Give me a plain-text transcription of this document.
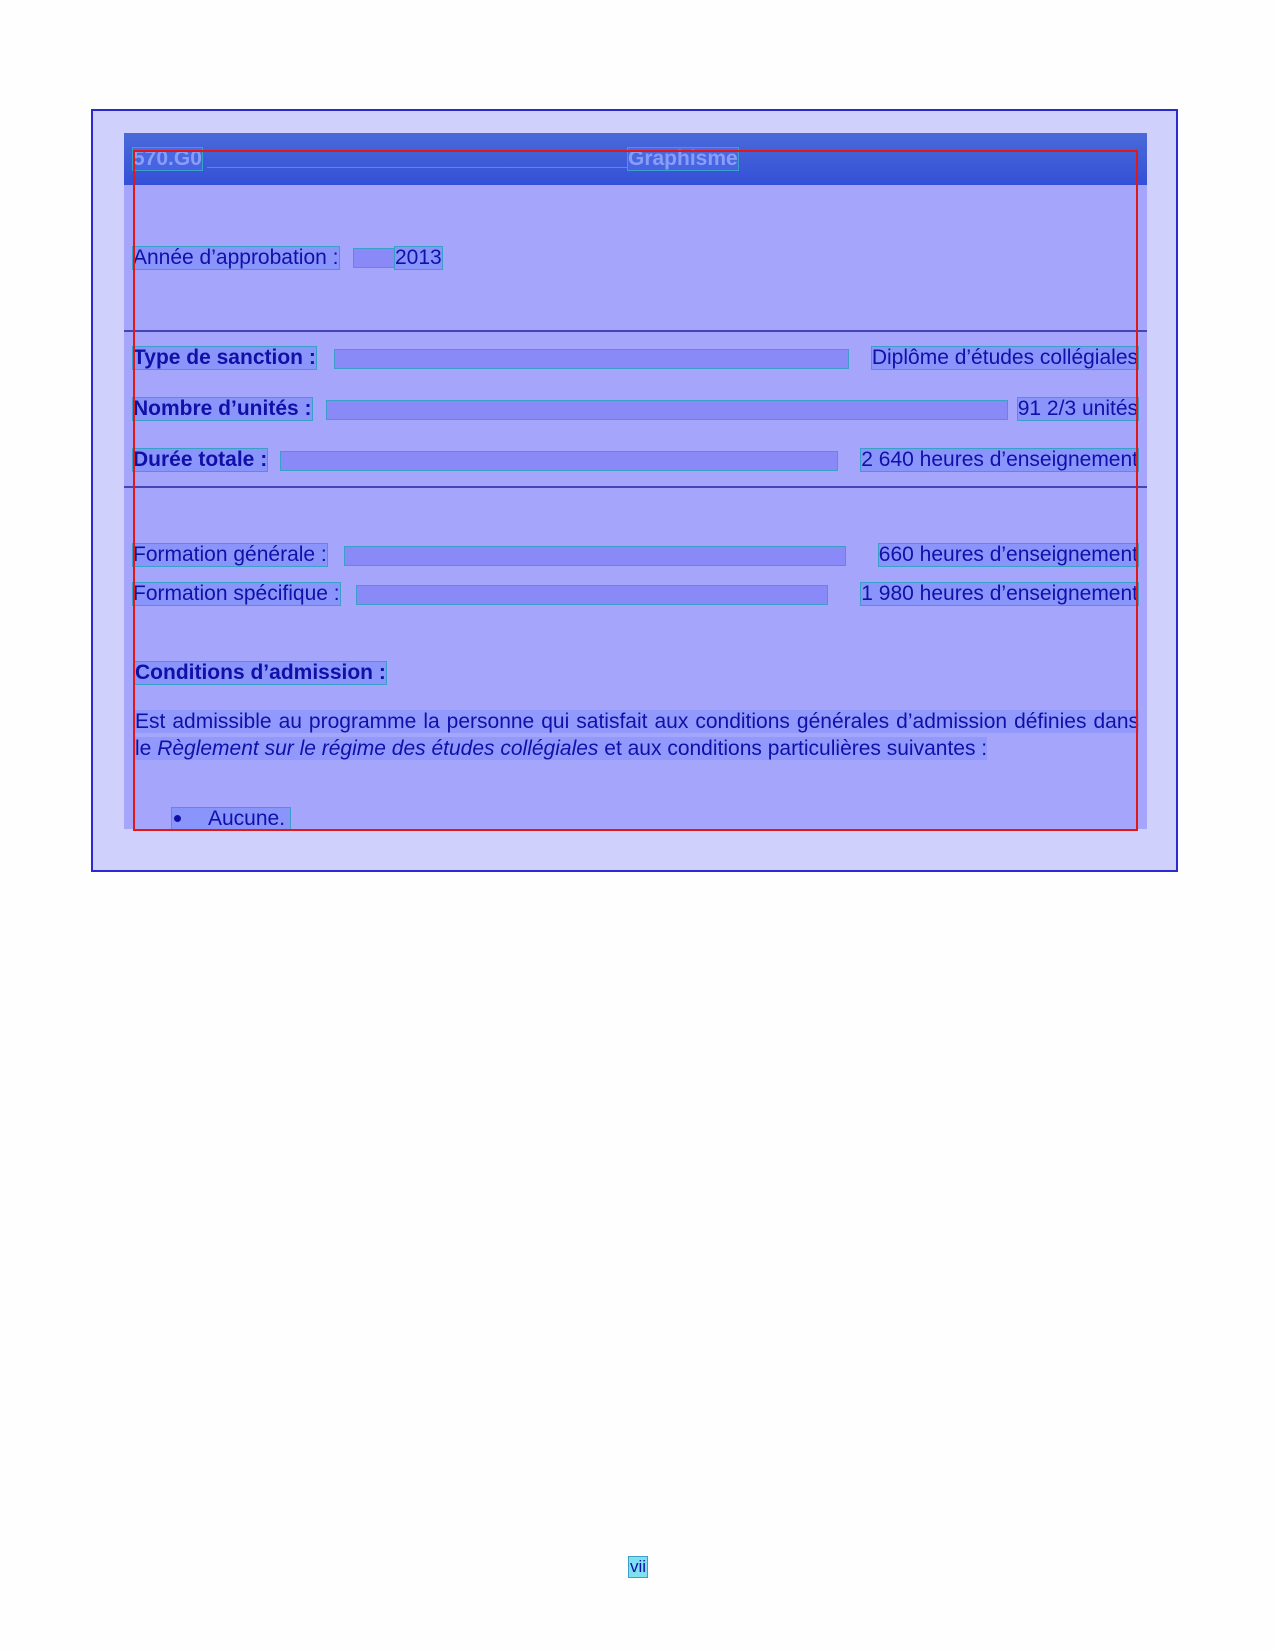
570.G0	Graphisme
Année d’approbation :	2013
Type de sanction :	Diplôme d’études collégiales
Nombre d’unités :	91 2/3 unités
Durée totale :	2 640 heures d’enseignement
Formation générale :	660 heures d’enseignement
Formation spécifique :	1 980 heures d’enseignement
Conditions d’admission :
Est admissible au programme la personne qui satisfait aux conditions générales d’admission définies dans le Règlement sur le régime des études collégiales et aux conditions particulières suivantes :
Aucune.
vii
